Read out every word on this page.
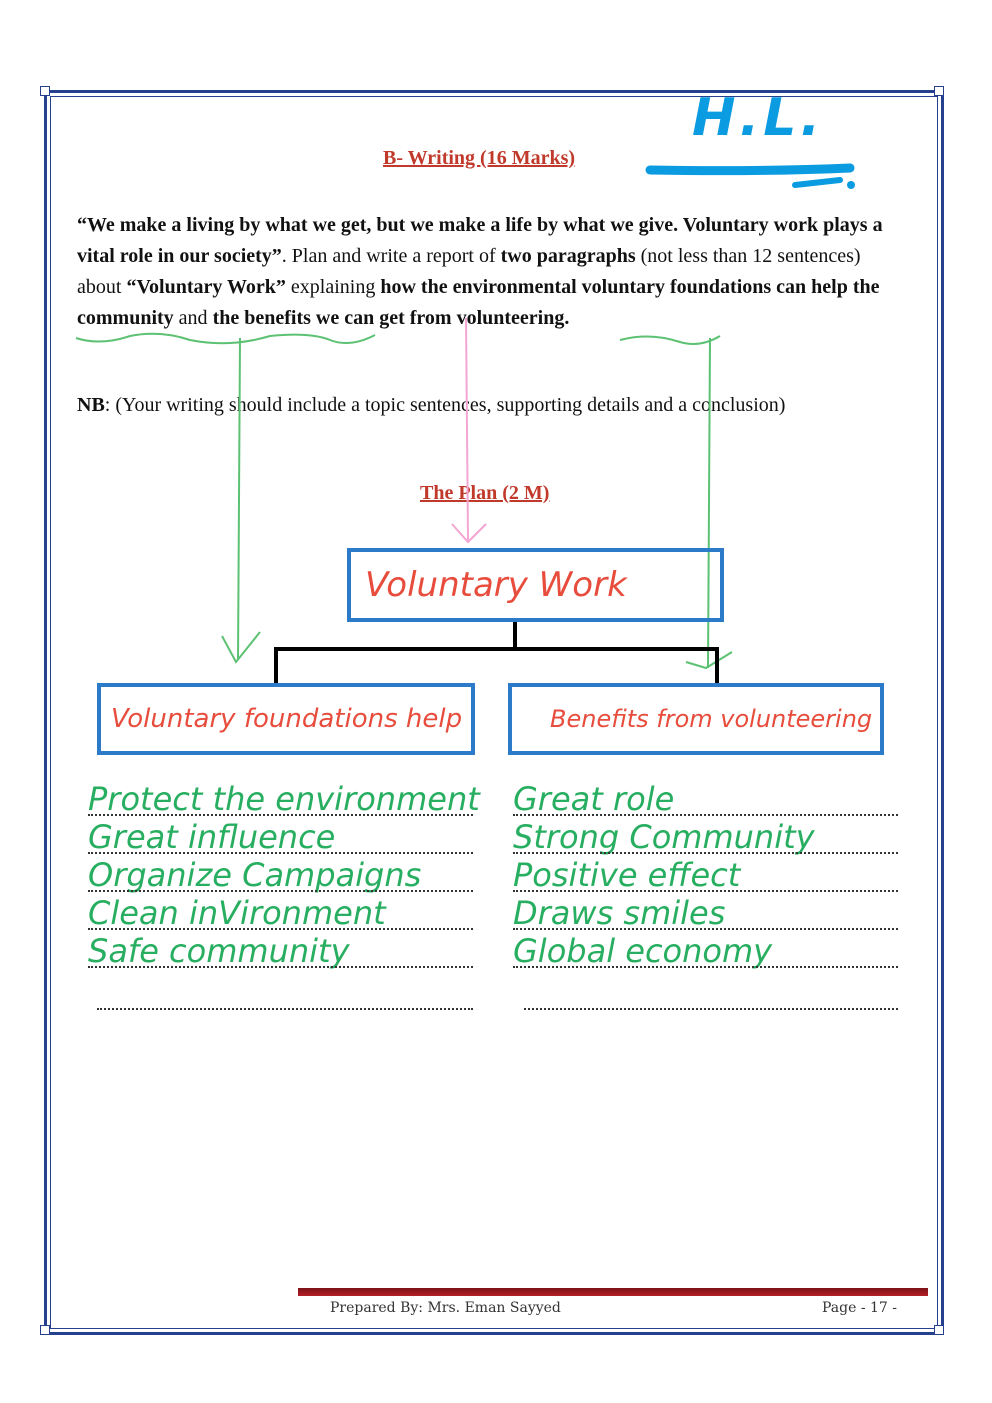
H.L.
B- Writing (16 Marks)
“We make a living by what we get, but we make a life by what we give. Voluntary work plays a vital role in our society”. Plan and write a report of two paragraphs (not less than 12 sentences) about “Voluntary Work” explaining how the environmental voluntary foundations can help the community and the benefits we can get from volunteering.
NB: (Your writing should include a topic sentences, supporting details and a conclusion)
The Plan (2 M)
Voluntary Work
Voluntary foundations help	Benefits from volunteering
Protect the environment
Great influence
Organize Campaigns
Clean inVironment
Safe community
Great role
Strong Community
Positive effect
Draws smiles
Global economy
Prepared By: Mrs. Eman Sayyed	Page - 17 -
